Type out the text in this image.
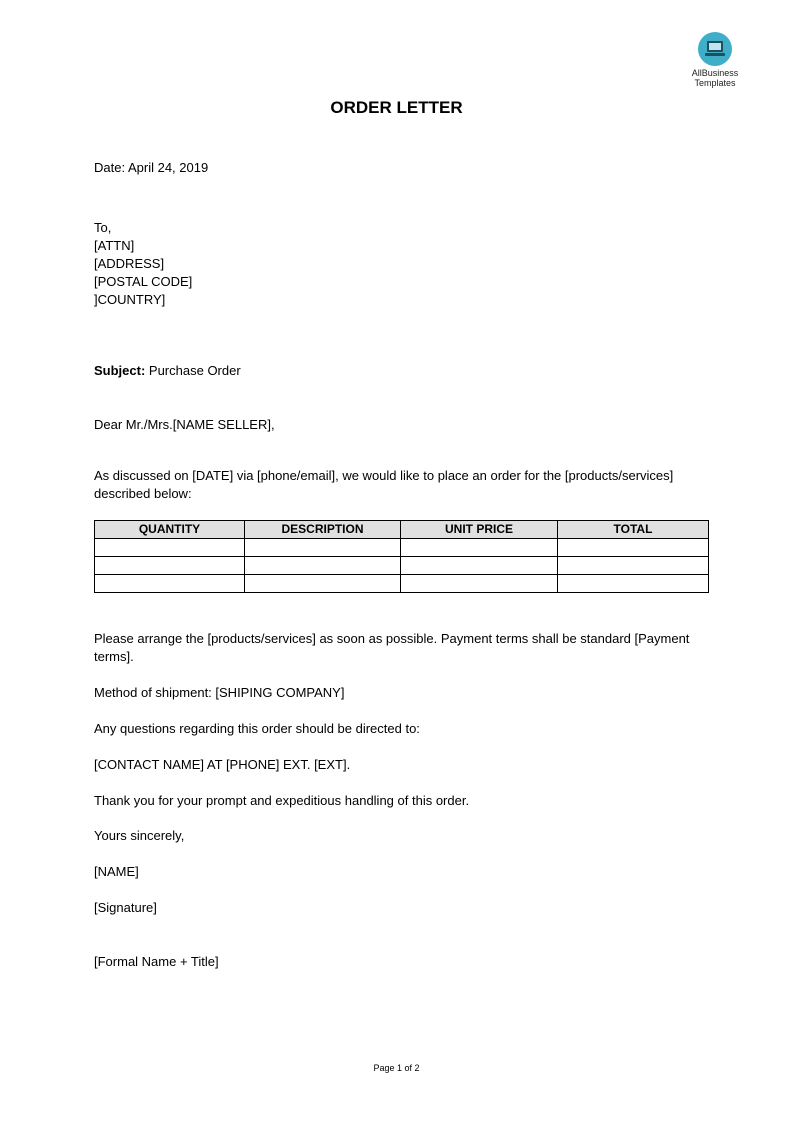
AllBusiness
Templates
ORDER LETTER
Date: April 24, 2019
To,
[ATTN]
[ADDRESS]
[POSTAL CODE]
]COUNTRY]
Subject: Purchase Order
Dear Mr./Mrs.[NAME SELLER],
As discussed on [DATE] via [phone/email], we would like to place an order for the [products/services] described below:
QUANTITY	DESCRIPTION	UNIT PRICE	TOTAL

Please arrange the [products/services] as soon as possible. Payment terms shall be standard [Payment terms].
Method of shipment: [SHIPING COMPANY]
Any questions regarding this order should be directed to:
[CONTACT NAME] AT [PHONE] EXT. [EXT].
Thank you for your prompt and expeditious handling of this order.
Yours sincerely,
[NAME]
[Signature]
[Formal Name + Title]
Page 1 of 2
